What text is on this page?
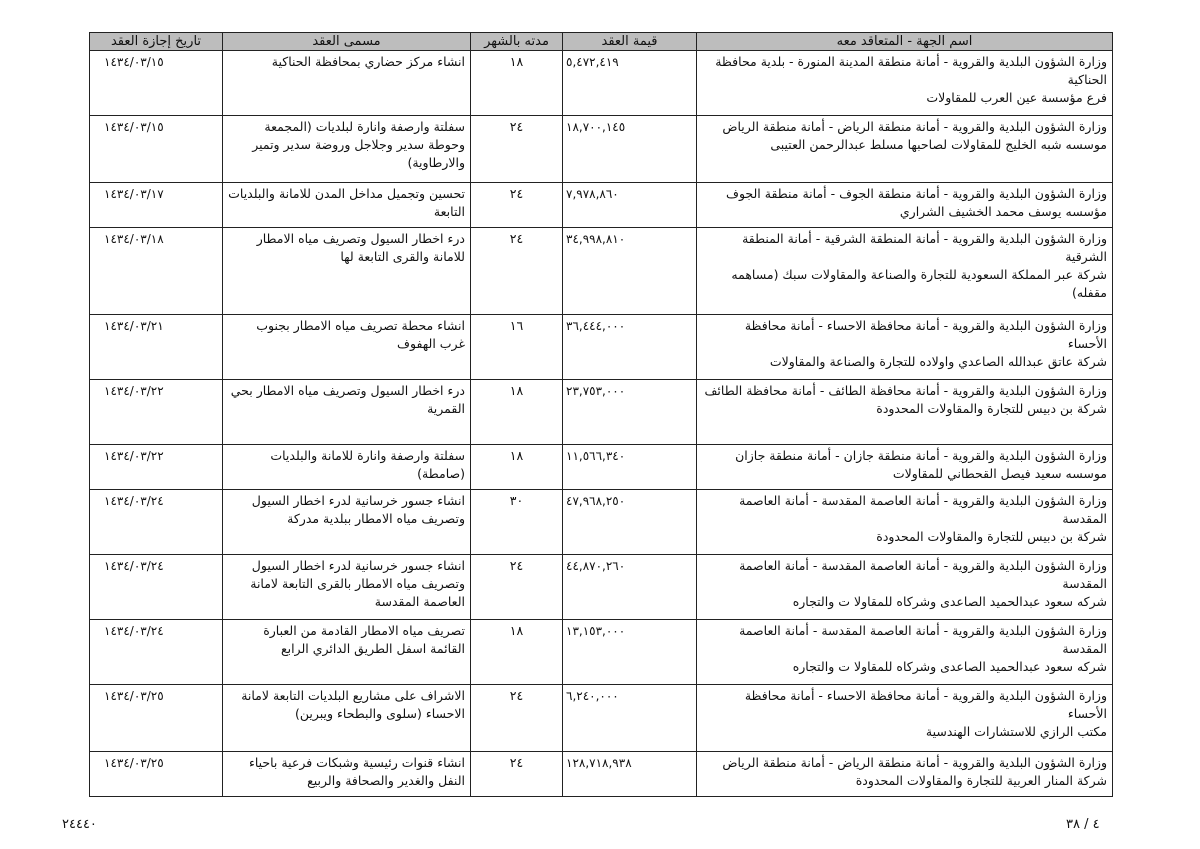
اسم الجهة - المتعاقد معه	قيمة العقد	مدته بالشهر	مسمى العقد	تاريخ إجازة العقد

وزارة الشؤون البلدية والقروية - أمانة منطقة المدينة المنورة - بلدية محافظة الحناكية
فرع مؤسسة عين العرب للمقاولات	٥,٤٧٢,٤١٩	١٨	انشاء مركز حضاري بمحافظة الحناكية	١٤٣٤/٠٣/١٥

وزارة الشؤون البلدية والقروية - أمانة منطقة الرياض - أمانة منطقة الرياض
موسسه شبه الخليج للمقاولات لصاحبها مسلط عبدالرحمن العتيبى	١٨,٧٠٠,١٤٥	٢٤	سفلتة وارصفة وانارة لبلديات (المجمعة وحوطة سدير وجلاجل وروضة سدير وتمير والارطاوية)	١٤٣٤/٠٣/١٥

وزارة الشؤون البلدية والقروية - أمانة منطقة الجوف - أمانة منطقة الجوف
مؤسسه يوسف محمد الخشيف الشراري	٧,٩٧٨,٨٦٠	٢٤	تحسين وتجميل مداخل المدن للامانة والبلديات التابعة	١٤٣٤/٠٣/١٧

وزارة الشؤون البلدية والقروية - أمانة المنطقة الشرقية - أمانة المنطقة الشرقية
شركة عبر المملكة السعودية للتجارة والصناعة والمقاولات سبك (مساهمه مقفله)	٣٤,٩٩٨,٨١٠	٢٤	درء اخطار السيول وتصريف مياه الامطار للامانة والقرى التابعة لها	١٤٣٤/٠٣/١٨

وزارة الشؤون البلدية والقروية - أمانة محافظة الاحساء - أمانة محافظة الأحساء
شركة عاتق عبدالله الصاعدي واولاده للتجارة والصناعة والمقاولات	٣٦,٤٤٤,٠٠٠	١٦	انشاء محطة تصريف مياه الامطار بجنوب غرب الهفوف	١٤٣٤/٠٣/٢١

وزارة الشؤون البلدية والقروية - أمانة محافظة الطائف - أمانة محافظة الطائف
شركة بن دبيس للتجارة والمقاولات المحدودة	٢٣,٧٥٣,٠٠٠	١٨	درء اخطار السيول وتصريف مياه الامطار بحي القمرية	١٤٣٤/٠٣/٢٢

وزارة الشؤون البلدية والقروية - أمانة منطقة جازان - أمانة منطقة جازان
موسسه سعيد فيصل القحطاني للمقاولات	١١,٥٦٦,٣٤٠	١٨	سفلتة وارصفة وانارة للامانة والبلديات (صامطة)	١٤٣٤/٠٣/٢٢

وزارة الشؤون البلدية والقروية - أمانة العاصمة المقدسة - أمانة العاصمة المقدسة
شركة بن دبيس للتجارة والمقاولات المحدودة	٤٧,٩٦٨,٢٥٠	٣٠	انشاء جسور خرسانية لدرء اخطار السيول وتصريف مياه الامطار ببلدية مدركة	١٤٣٤/٠٣/٢٤

وزارة الشؤون البلدية والقروية - أمانة العاصمة المقدسة - أمانة العاصمة المقدسة
شركه سعود عبدالحميد الصاعدى وشركاه للمقاولا ت والتجاره	٤٤,٨٧٠,٢٦٠	٢٤	انشاء جسور خرسانية لدرء اخطار السيول وتصريف مياه الامطار بالقرى التابعة لامانة العاصمة المقدسة	١٤٣٤/٠٣/٢٤

وزارة الشؤون البلدية والقروية - أمانة العاصمة المقدسة - أمانة العاصمة المقدسة
شركه سعود عبدالحميد الصاعدى وشركاه للمقاولا ت والتجاره	١٣,١٥٣,٠٠٠	١٨	تصريف مياه الامطار القادمة من العبارة القائمة اسفل الطريق الدائري الرابع	١٤٣٤/٠٣/٢٤

وزارة الشؤون البلدية والقروية - أمانة محافظة الاحساء - أمانة محافظة الأحساء
مكتب الرازي للاستشارات الهندسية	٦,٢٤٠,٠٠٠	٢٤	الاشراف على مشاريع البلديات التابعة لامانة الاحساء (سلوى والبطحاء ويبرين)	١٤٣٤/٠٣/٢٥

وزارة الشؤون البلدية والقروية - أمانة منطقة الرياض - أمانة منطقة الرياض
شركة المنار العربية للتجارة والمقاولات المحدودة	١٢٨,٧١٨,٩٣٨	٢٤	انشاء قنوات رئيسية وشبكات فرعية باحياء النفل والغدير والصحافة والربيع	١٤٣٤/٠٣/٢٥
٤ / ٣٨
٢٤٤٤٠
